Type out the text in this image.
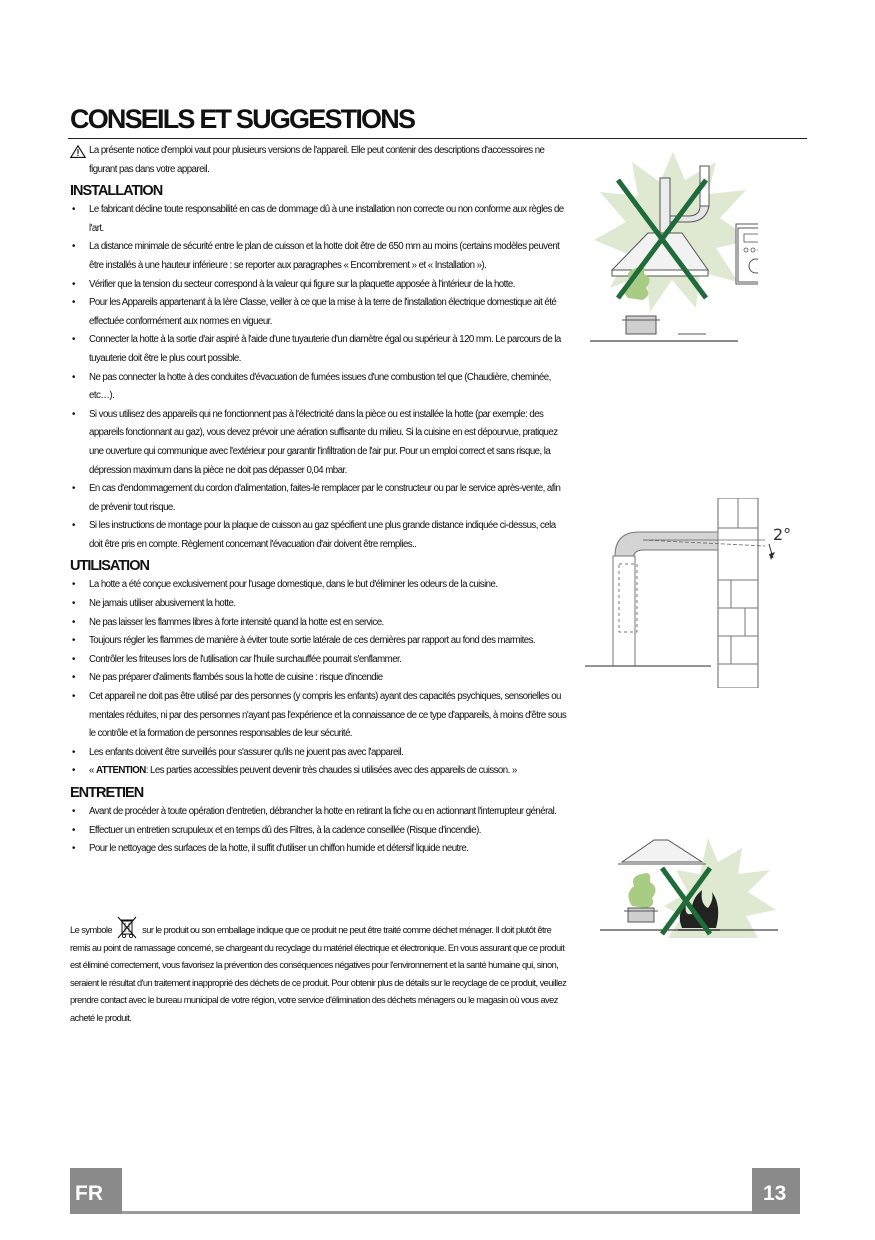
CONSEILS ET SUGGESTIONS

La présente notice d'emploi vaut pour plusieurs versions de l'appareil. Elle peut contenir des descriptions d'accessoires ne figurant pas dans votre appareil.

INSTALLATION
• Le fabricant décline toute responsabilité en cas de dommage dû à une installation non correcte ou non conforme aux règles de l'art.
• La distance minimale de sécurité entre le plan de cuisson et la hotte doit être de 650 mm au moins (certains modèles peuvent être installés à une hauteur inférieure : se reporter aux paragraphes « Encombrement » et « Installation »).
• Vérifier que la tension du secteur correspond à la valeur qui figure sur la plaquette apposée à l'intérieur de la hotte.
• Pour les Appareils appartenant à la Ière Classe, veiller à ce que la mise à la terre de l'installation électrique domestique ait été effectuée conformément aux normes en vigueur.
• Connecter la hotte à la sortie d'air aspiré à l'aide d'une tuyauterie d'un diamètre égal ou supérieur à 120 mm. Le parcours de la tuyauterie doit être le plus court possible.
• Ne pas connecter la hotte à des conduites d'évacuation de fumées issues d'une combustion tel que (Chaudière, cheminée, etc…).
• Si vous utilisez des appareils qui ne fonctionnent pas à l'électricité dans la pièce ou est installée la hotte (par exemple: des appareils fonctionnant au gaz), vous devez prévoir une aération suffisante du milieu. Si la cuisine en est dépourvue, pratiquez une ouverture qui communique avec l'extérieur pour garantir l'infiltration de l'air pur. Pour un emploi correct et sans risque, la dépression maximum dans la pièce ne doit pas dépasser 0,04 mbar.
• En cas d'endommagement du cordon d'alimentation, faites-le remplacer par le constructeur ou par le service après-vente, afin de prévenir tout risque.
• Si les instructions de montage pour la plaque de cuisson au gaz spécifient une plus grande distance indiquée ci-dessus, cela doit être pris en compte. Règlement concernant l'évacuation d'air doivent être remplies..
UTILISATION
• La hotte a été conçue exclusivement pour l'usage domestique, dans le but d'éliminer les odeurs de la cuisine.
• Ne jamais utiliser abusivement la hotte.
• Ne pas laisser les flammes libres à forte intensité quand la hotte est en service.
• Toujours régler les flammes de manière à éviter toute sortie latérale de ces dernières par rapport au fond des marmites.
• Contrôler les friteuses lors de l'utilisation car l'huile surchauffée pourrait s'enflammer.
• Ne pas préparer d'aliments flambés sous la hotte de cuisine : risque d'incendie
• Cet appareil ne doit pas être utilisé par des personnes (y compris les enfants) ayant des capacités psychiques, sensorielles ou mentales réduites, ni par des personnes n'ayant pas l'expérience et la connaissance de ce type d'appareils, à moins d'être sous le contrôle et la formation de personnes responsables de leur sécurité.
• Les enfants doivent être surveillés pour s'assurer qu'ils ne jouent pas avec l'appareil.
• « ATTENTION: Les parties accessibles peuvent devenir très chaudes si utilisées avec des appareils de cuisson. »
ENTRETIEN
• Avant de procéder à toute opération d'entretien, débrancher la hotte en retirant la fiche ou en actionnant l'interrupteur général.
• Effectuer un entretien scrupuleux et en temps dû des Filtres, à la cadence conseillée (Risque d'incendie).
• Pour le nettoyage des surfaces de la hotte, il suffit d'utiliser un chiffon humide et détersif liquide neutre.

Le symbole	sur le produit ou son emballage indique que ce produit ne peut être traité comme déchet ménager. Il doit plutôt être remis au point de ramassage concerné, se chargeant du recyclage du matériel électrique et électronique. En vous assurant que ce produit est éliminé correctement, vous favorisez la prévention des conséquences négatives pour l'environnement et la santé humaine qui, sinon, seraient le résultat d'un traitement inapproprié des déchets de ce produit. Pour obtenir plus de détails sur le recyclage de ce produit, veuillez prendre contact avec le bureau municipal de votre région, votre service d'élimination des déchets ménagers ou le magasin où vous avez acheté le produit.

2°
FR	13
